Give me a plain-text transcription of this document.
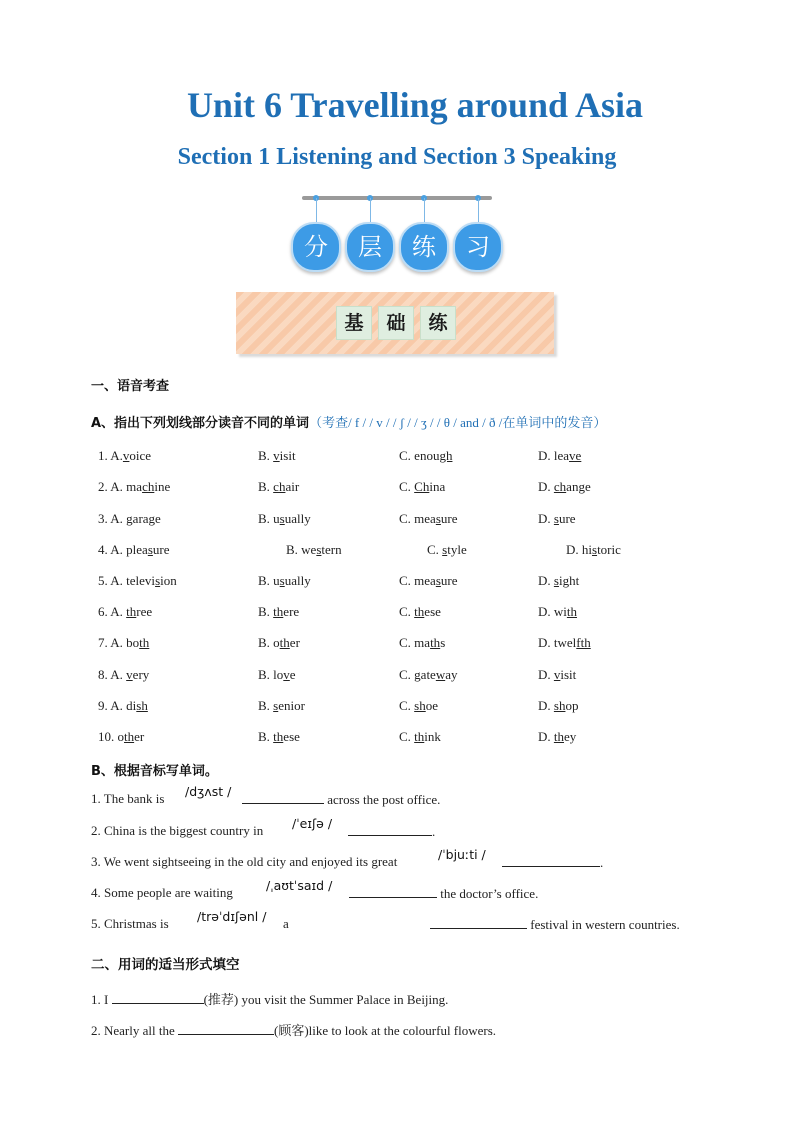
Unit 6 Travelling around Asia
Section 1 Listening and Section 3 Speaking
分	层	练	习
基	础	练
一、语音考查
A、指出下列划线部分读音不同的单词（考查/ f / / v / / ʃ / / ʒ / / θ / and / ð /在单词中的发音）
1. A.voice	B. visit	C. enough	D. leave
2. A. machine	B. chair	C. China	D. change
3. A. garage	B. usually	C. measure	D. sure
4. A. pleasure	B. western	C. style	D. historic
5. A. television	B. usually	C. measure	D. sight
6. A. three	B. there	C. these	D. with
7. A. both	B. other	C. maths	D. twelfth
8. A. very	B. love	C. gateway	D. visit
9. A. dish	B. senior	C. shoe	D. shop
10. other	B. these	C. think	D. they
B、根据音标写单词。
1. The bank is /dʒʌst /
across the post office.
2. China is the biggest country in /ˈeɪʃə /
.
3. We went sightseeing in the old city and enjoyed its great	/ˈbjuːti /
.
4. Some people are waiting	/ˌaʊtˈsaɪd /
the doctor’s office.
5. Christmas is /trəˈdɪʃənl / a	festival in western countries.
二、用词的适当形式填空
1. I	(推荐) you visit the Summer Palace in Beijing.
2. Nearly all the	(顾客)like to look at the colourful flowers.
